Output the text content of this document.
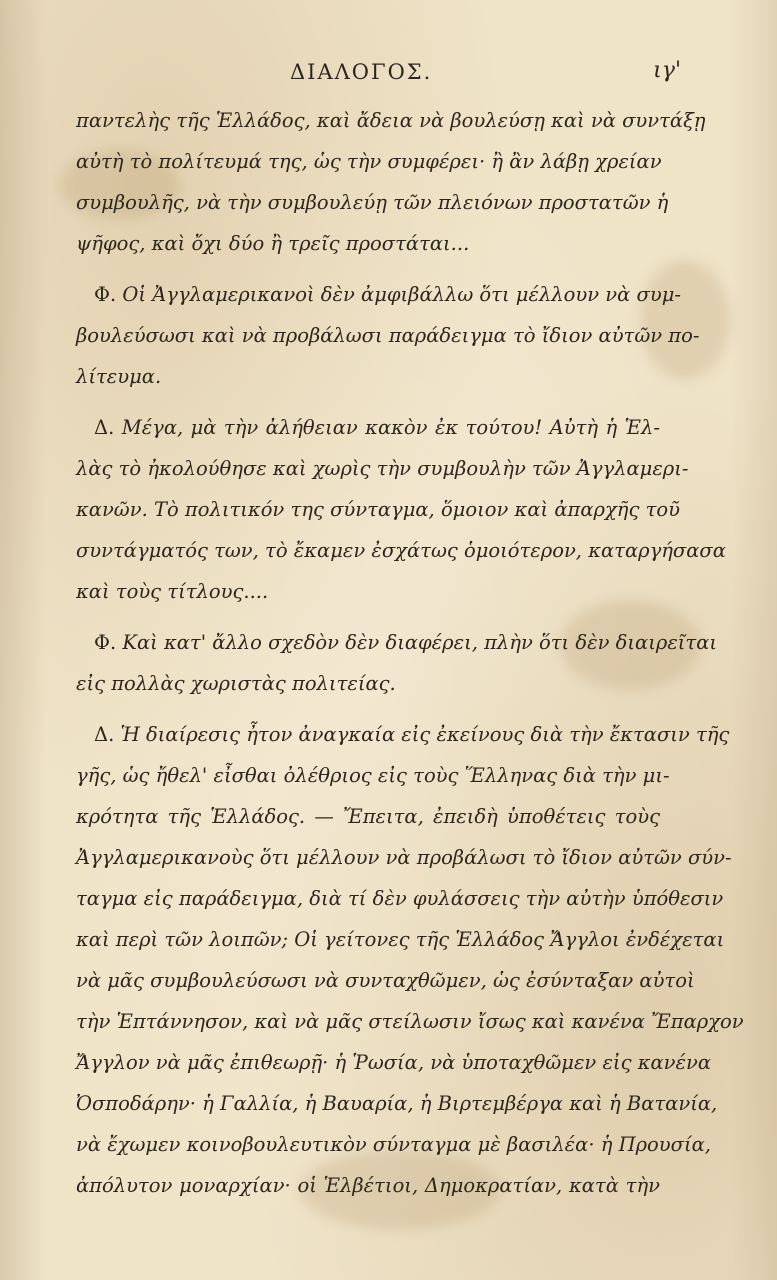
ΔΙΑΛΟΓΟΣ.	ιγ'
παντελὴς τῆς Ἑλλάδος, καὶ ἄδεια νὰ βουλεύσῃ καὶ νὰ συντάξῃ
αὐτὴ τὸ πολίτευμά της, ὡς τὴν συμφέρει· ἢ ἂν λάβῃ χρείαν
συμβουλῆς, νὰ τὴν συμβουλεύῃ τῶν πλειόνων προστατῶν ἡ
ψῆφος, καὶ ὄχι δύο ἢ τρεῖς προστάται...
Φ. Οἱ Ἀγγλαμερικανοὶ δὲν ἀμφιβάλλω ὅτι μέλλουν νὰ συμ-
βουλεύσωσι καὶ νὰ προβάλωσι παράδειγμα τὸ ἴδιον αὐτῶν πο-
λίτευμα.
Δ. Μέγα, μὰ τὴν ἀλήθειαν κακὸν ἐκ τούτου! Αὐτὴ ἡ Ἑλ-
λὰς τὸ ἠκολούθησε καὶ χωρὶς τὴν συμβουλὴν τῶν Ἀγγλαμερι-
κανῶν. Τὸ πολιτικόν της σύνταγμα, ὅμοιον καὶ ἀπαρχῆς τοῦ
συντάγματός των, τὸ ἔκαμεν ἐσχάτως ὁμοιότερον, καταργήσασα
καὶ τοὺς τίτλους....
Φ. Καὶ κατ' ἄλλο σχεδὸν δὲν διαφέρει, πλὴν ὅτι δὲν διαιρεῖται
εἰς πολλὰς χωριστὰς πολιτείας.
Δ. Ἡ διαίρεσις ἦτον ἀναγκαία εἰς ἐκείνους διὰ τὴν ἔκτασιν τῆς
γῆς, ὡς ἤθελ' εἶσθαι ὀλέθριος εἰς τοὺς Ἕλληνας διὰ τὴν μι-
κρότητα τῆς Ἑλλάδος. — Ἔπειτα, ἐπειδὴ ὑποθέτεις τοὺς
Ἀγγλαμερικανοὺς ὅτι μέλλουν νὰ προβάλωσι τὸ ἴδιον αὐτῶν σύν-
ταγμα εἰς παράδειγμα, διὰ τί δὲν φυλάσσεις τὴν αὐτὴν ὑπόθεσιν
καὶ περὶ τῶν λοιπῶν; Οἱ γείτονες τῆς Ἑλλάδος Ἄγγλοι ἐνδέχεται
νὰ μᾶς συμβουλεύσωσι νὰ συνταχθῶμεν, ὡς ἐσύνταξαν αὐτοὶ
τὴν Ἑπτάννησον, καὶ νὰ μᾶς στείλωσιν ἴσως καὶ κανένα Ἔπαρχον
Ἄγγλον νὰ μᾶς ἐπιθεωρῇ· ἡ Ῥωσία, νὰ ὑποταχθῶμεν εἰς κανένα
Ὀσποδάρην· ἡ Γαλλία, ἡ Βαυαρία, ἡ Βιρτεμβέργα καὶ ἡ Βατανία,
νὰ ἔχωμεν κοινοβουλευτικὸν σύνταγμα μὲ βασιλέα· ἡ Προυσία,
ἀπόλυτον μοναρχίαν· οἱ Ἑλβέτιοι, Δημοκρατίαν, κατὰ τὴν
